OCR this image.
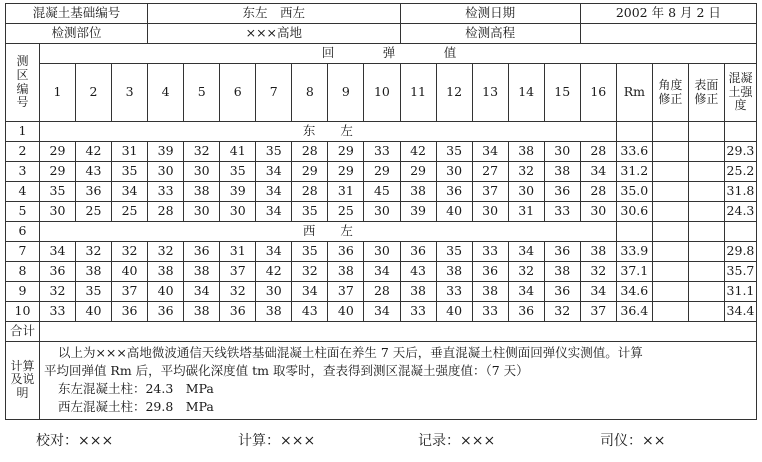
混凝土基础编号				东左　西左							检测日期					2002 年 8 月 2 日				
检测部位				×××高地							检测高程									
测
区
编
号	回　弹　值																			
	1	2	3	4	5	6	7	8	9	10	11	12	13	14	15	16	Rm	角度修正	表面修正	混凝土强度
1	东　　左																			
2	29	42	31	39	32	41	35	28	29	33	42	35	34	38	30	28	33.6			29.3
3	29	43	35	30	30	35	34	29	29	29	29	30	27	32	38	34	31.2			25.2
4	35	36	34	33	38	39	34	28	31	45	38	36	37	30	36	28	35.0			31.8
5	30	25	25	28	30	30	34	35	25	30	39	40	30	31	33	30	30.6			24.3
6	西　　左																			
7	34	32	32	32	36	31	34	35	36	30	36	35	33	34	36	38	33.9			29.8
8	36	38	40	38	38	37	42	32	38	34	43	38	36	32	38	32	37.1			35.7
9	32	35	37	40	34	32	30	34	37	28	38	33	38	34	36	34	34.6			31.1
10	33	40	36	36	38	36	38	43	40	34	33	40	33	36	32	37	36.4			34.4
合计																				
计算及说明	以上为×××高地微波通信天线铁塔基础混凝土柱面在养生 7 天后，垂直混凝土柱侧面回弹仪实测值。计算
平均回弹值 Rm 后，平均碳化深度值 tm 取零时，查表得到测区混凝土强度值：（7 天）
东左混凝土柱：24.3　MPa
西左混凝土柱：29.8　MPa																			
校对：×××	计算：×××	记录：×××	司仪：××
